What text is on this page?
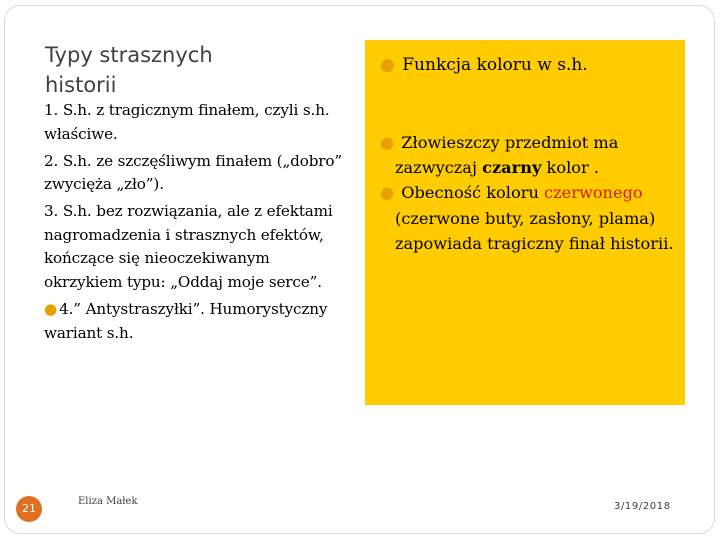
Typy strasznych historii

1. S.h. z tragicznym finałem, czyli s.h. właściwe.

2. S.h. ze szczęśliwym finałem („dobro” zwycięża „zło”).

3. S.h. bez rozwiązania, ale z efektami nagromadzenia i strasznych efektów, kończące się nieoczekiwanym okrzykiem typu: „Oddaj moje serce”.

● 4.” Antystraszyłki”. Humorystyczny wariant s.h.

● Funkcja koloru w s.h.

● Złowieszczy przedmiot ma zazwyczaj czarny kolor .

● Obecność koloru czerwonego (czerwone buty, zasłony, plama) zapowiada tragiczny finał historii.

21
Eliza Małek	3/19/2018
